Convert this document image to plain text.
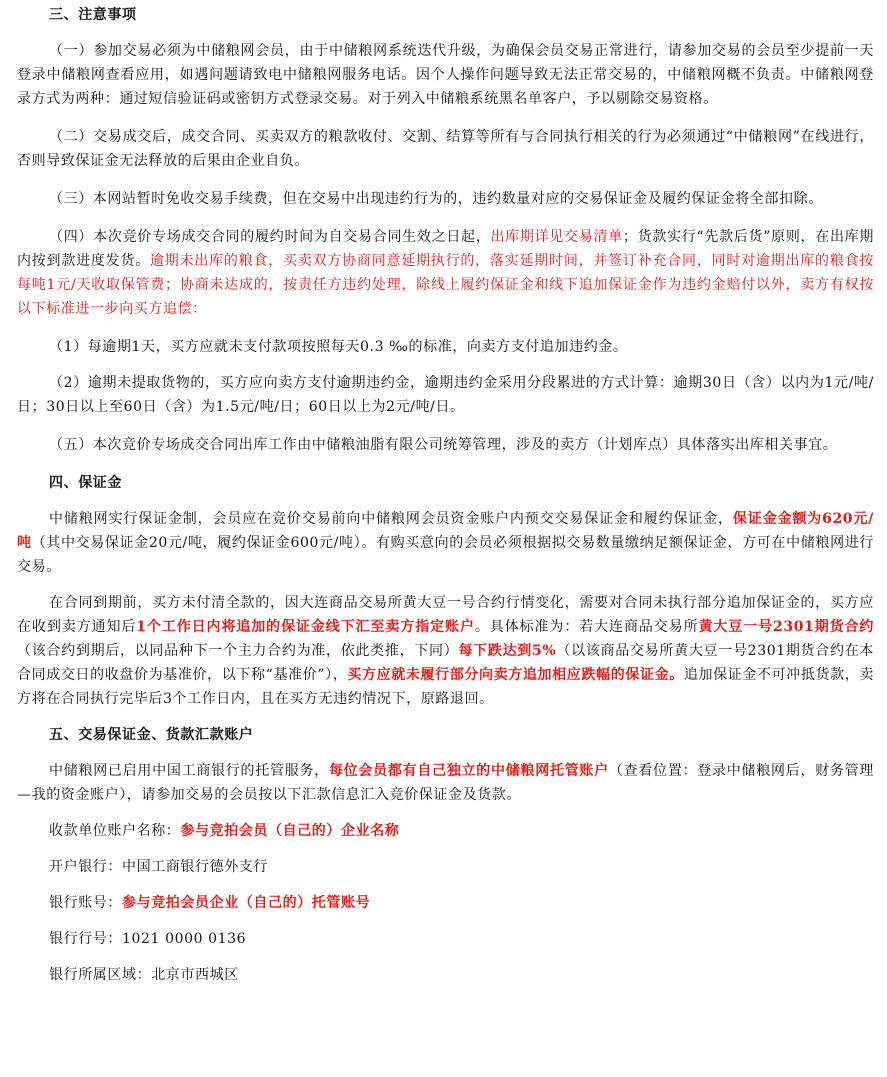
三、注意事项

（一）参加交易必须为中储粮网会员，由于中储粮网系统迭代升级，为确保会员交易正常进行，请参加交易的会员至少提前一天登录中储粮网查看应用，如遇问题请致电中储粮网服务电话。因个人操作问题导致无法正常交易的，中储粮网概不负责。中储粮网登录方式为两种：通过短信验证码或密钥方式登录交易。对于列入中储粮系统黑名单客户，予以剔除交易资格。

（二）交易成交后，成交合同、买卖双方的粮款收付、交割、结算等所有与合同执行相关的行为必须通过“中储粮网”在线进行，否则导致保证金无法释放的后果由企业自负。

（三）本网站暂时免收交易手续费，但在交易中出现违约行为的，违约数量对应的交易保证金及履约保证金将全部扣除。

（四）本次竞价专场成交合同的履约时间为自交易合同生效之日起，出库期详见交易清单；货款实行“先款后货”原则，在出库期内按到款进度发货。逾期未出库的粮食，买卖双方协商同意延期执行的，落实延期时间，并签订补充合同，同时对逾期出库的粮食按每吨1元/天收取保管费；协商未达成的，按责任方违约处理，除线上履约保证金和线下追加保证金作为违约金赔付以外，卖方有权按以下标准进一步向买方追偿：

（1）每逾期1天，买方应就未支付款项按照每天0.3 ‰的标准，向卖方支付追加违约金。

（2）逾期未提取货物的，买方应向卖方支付逾期违约金，逾期违约金采用分段累进的方式计算：逾期30日（含）以内为1元/吨/日；30日以上至60日（含）为1.5元/吨/日；60日以上为2元/吨/日。

（五）本次竞价专场成交合同出库工作由中储粮油脂有限公司统筹管理，涉及的卖方（计划库点）具体落实出库相关事宜。

四、保证金

中储粮网实行保证金制，会员应在竞价交易前向中储粮网会员资金账户内预交交易保证金和履约保证金，保证金金额为620元/吨（其中交易保证金20元/吨，履约保证金600元/吨）。有购买意向的会员必须根据拟交易数量缴纳足额保证金，方可在中储粮网进行交易。

在合同到期前，买方未付清全款的，因大连商品交易所黄大豆一号合约行情变化，需要对合同未执行部分追加保证金的，买方应在收到卖方通知后1个工作日内将追加的保证金线下汇至卖方指定账户。具体标准为：若大连商品交易所黄大豆一号2301期货合约（该合约到期后，以同品种下一个主力合约为准，依此类推，下同）每下跌达到5%（以该商品交易所黄大豆一号2301期货合约在本合同成交日的收盘价为基准价，以下称“基准价”），买方应就未履行部分向卖方追加相应跌幅的保证金。追加保证金不可冲抵货款，卖方将在合同执行完毕后3个工作日内，且在买方无违约情况下，原路退回。

五、交易保证金、货款汇款账户

中储粮网已启用中国工商银行的托管服务，每位会员都有自己独立的中储粮网托管账户（查看位置：登录中储粮网后，财务管理—我的资金账户），请参加交易的会员按以下汇款信息汇入竞价保证金及货款。

收款单位账户名称：参与竞拍会员（自己的）企业名称

开户银行：中国工商银行德外支行

银行账号：参与竞拍会员企业（自己的）托管账号

银行行号：1021 0000 0136

银行所属区域：北京市西城区
